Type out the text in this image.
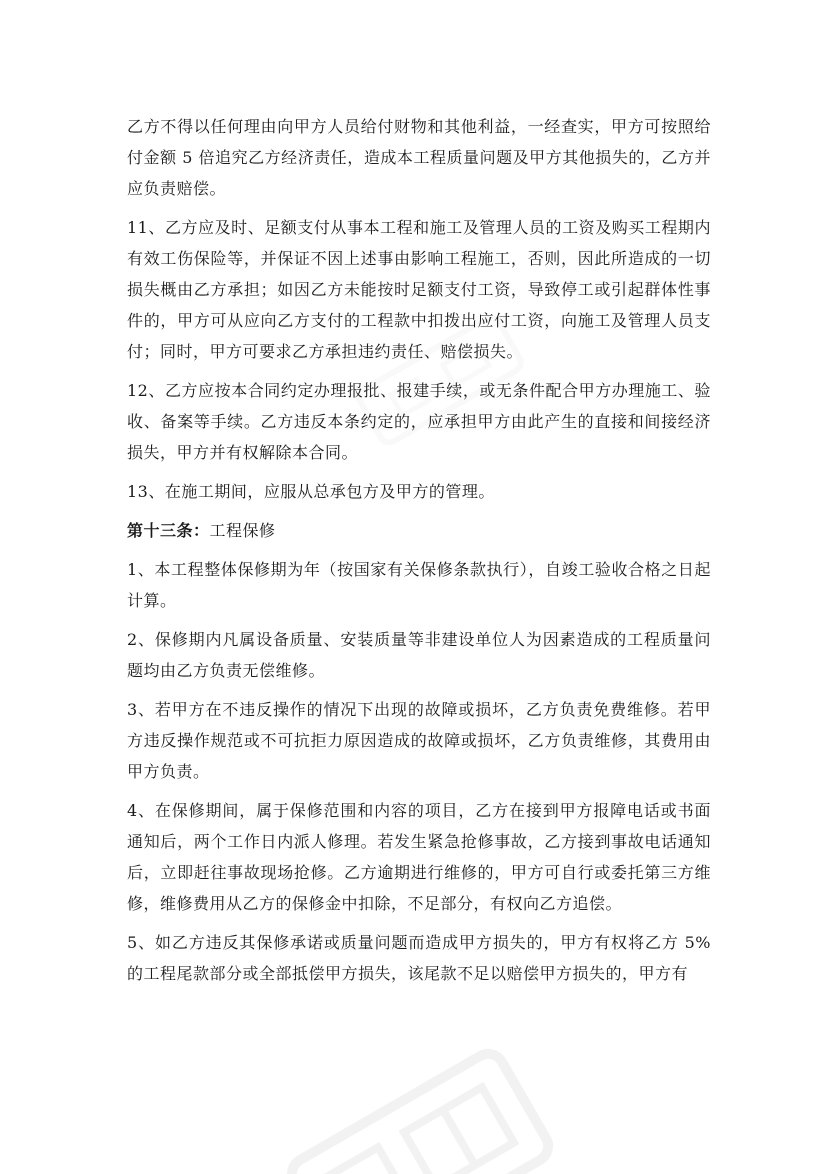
乙方不得以任何理由向甲方人员给付财物和其他利益，一经查实，甲方可按照给付金额 5 倍追究乙方经济责任，造成本工程质量问题及甲方其他损失的，乙方并应负责赔偿。

11、乙方应及时、足额支付从事本工程和施工及管理人员的工资及购买工程期内有效工伤保险等，并保证不因上述事由影响工程施工，否则，因此所造成的一切损失概由乙方承担；如因乙方未能按时足额支付工资，导致停工或引起群体性事件的，甲方可从应向乙方支付的工程款中扣拨出应付工资，向施工及管理人员支付；同时，甲方可要求乙方承担违约责任、赔偿损失。

12、乙方应按本合同约定办理报批、报建手续，或无条件配合甲方办理施工、验收、备案等手续。乙方违反本条约定的，应承担甲方由此产生的直接和间接经济损失，甲方并有权解除本合同。

13、在施工期间，应服从总承包方及甲方的管理。

第十三条：工程保修

1、本工程整体保修期为年（按国家有关保修条款执行），自竣工验收合格之日起计算。

2、保修期内凡属设备质量、安装质量等非建设单位人为因素造成的工程质量问题均由乙方负责无偿维修。

3、若甲方在不违反操作的情况下出现的故障或损坏，乙方负责免费维修。若甲方违反操作规范或不可抗拒力原因造成的故障或损坏，乙方负责维修，其费用由甲方负责。

4、在保修期间，属于保修范围和内容的项目，乙方在接到甲方报障电话或书面通知后，两个工作日内派人修理。若发生紧急抢修事故，乙方接到事故电话通知后，立即赶往事故现场抢修。乙方逾期进行维修的，甲方可自行或委托第三方维修，维修费用从乙方的保修金中扣除，不足部分，有权向乙方追偿。

5、如乙方违反其保修承诺或质量问题而造成甲方损失的，甲方有权将乙方 5%的工程尾款部分或全部抵偿甲方损失，该尾款不足以赔偿甲方损失的，甲方有
